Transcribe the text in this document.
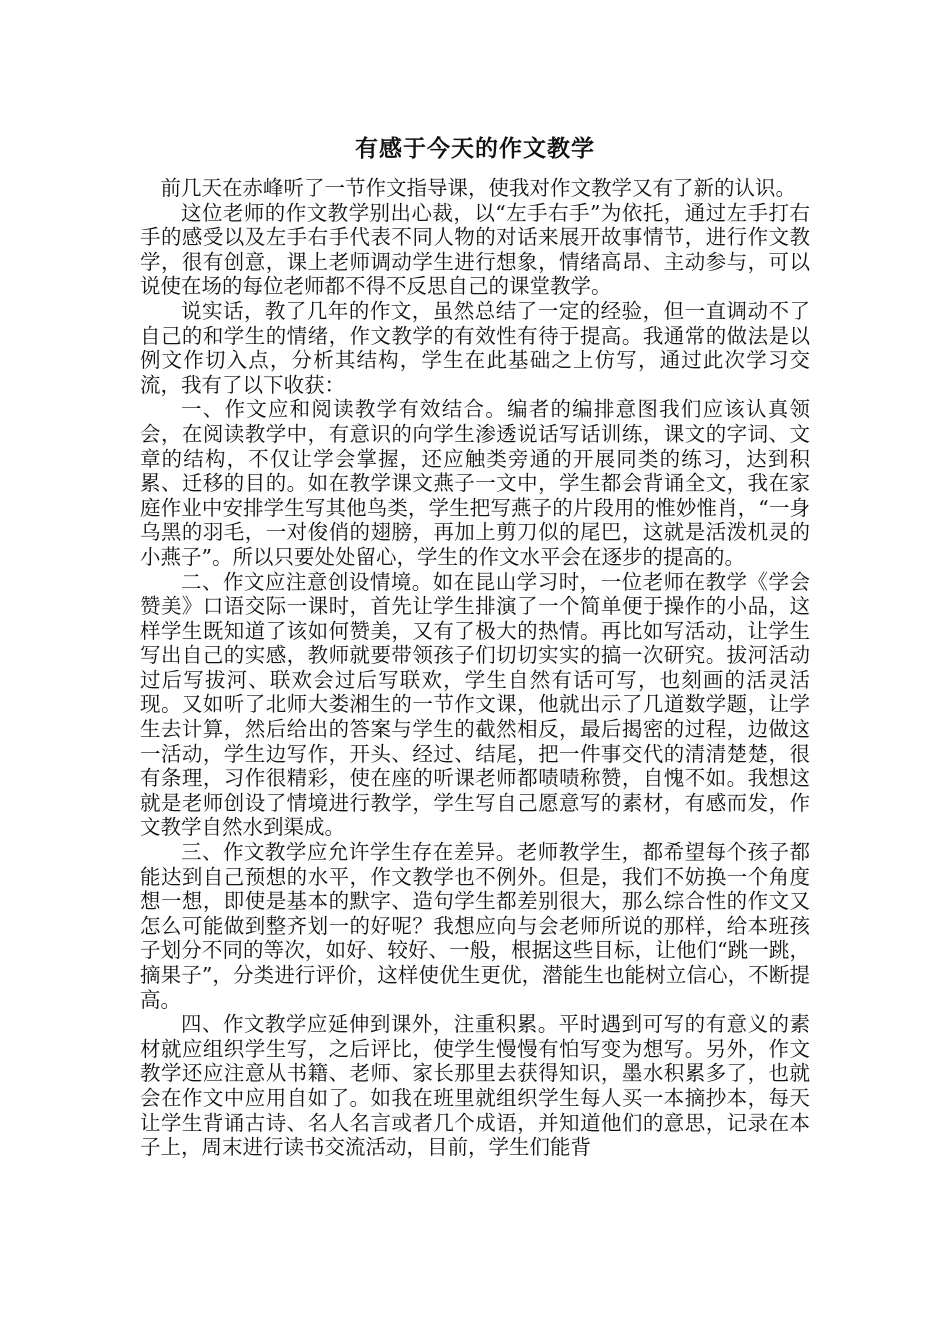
有感于今天的作文教学

前几天在赤峰听了一节作文指导课，使我对作文教学又有了新的认识。

这位老师的作文教学别出心裁，以“左手右手”为依托，通过左手打右手的感受以及左手右手代表不同人物的对话来展开故事情节，进行作文教学，很有创意，课上老师调动学生进行想象，情绪高昂、主动参与，可以说使在场的每位老师都不得不反思自己的课堂教学。

说实话，教了几年的作文，虽然总结了一定的经验，但一直调动不了自己的和学生的情绪，作文教学的有效性有待于提高。我通常的做法是以例文作切入点，分析其结构，学生在此基础之上仿写，通过此次学习交流，我有了以下收获：

一、作文应和阅读教学有效结合。编者的编排意图我们应该认真领会，在阅读教学中，有意识的向学生渗透说话写话训练，课文的字词、文章的结构，不仅让学会掌握，还应触类旁通的开展同类的练习，达到积累、迁移的目的。如在教学课文燕子一文中，学生都会背诵全文，我在家庭作业中安排学生写其他鸟类，学生把写燕子的片段用的惟妙惟肖，“一身乌黑的羽毛，一对俊俏的翅膀，再加上剪刀似的尾巴，这就是活泼机灵的小燕子”。所以只要处处留心，学生的作文水平会在逐步的提高的。

二、作文应注意创设情境。如在昆山学习时，一位老师在教学《学会赞美》口语交际一课时，首先让学生排演了一个简单便于操作的小品，这样学生既知道了该如何赞美，又有了极大的热情。再比如写活动，让学生写出自己的实感，教师就要带领孩子们切切实实的搞一次研究。拔河活动过后写拔河、联欢会过后写联欢，学生自然有话可写，也刻画的活灵活现。又如听了北师大娄湘生的一节作文课，他就出示了几道数学题，让学生去计算，然后给出的答案与学生的截然相反，最后揭密的过程，边做这一活动，学生边写作，开头、经过、结尾，把一件事交代的清清楚楚，很有条理，习作很精彩，使在座的听课老师都啧啧称赞，自愧不如。我想这就是老师创设了情境进行教学，学生写自己愿意写的素材，有感而发，作文教学自然水到渠成。

三、作文教学应允许学生存在差异。老师教学生，都希望每个孩子都能达到自己预想的水平，作文教学也不例外。但是，我们不妨换一个角度想一想，即使是基本的默字、造句学生都差别很大，那么综合性的作文又怎么可能做到整齐划一的好呢？我想应向与会老师所说的那样，给本班孩子划分不同的等次，如好、较好、一般，根据这些目标，让他们“跳一跳，摘果子”，分类进行评价，这样使优生更优，潜能生也能树立信心，不断提高。

四、作文教学应延伸到课外，注重积累。平时遇到可写的有意义的素材就应组织学生写，之后评比，使学生慢慢有怕写变为想写。另外，作文教学还应注意从书籍、老师、家长那里去获得知识，墨水积累多了，也就会在作文中应用自如了。如我在班里就组织学生每人买一本摘抄本，每天让学生背诵古诗、名人名言或者几个成语，并知道他们的意思，记录在本子上，周末进行读书交流活动，目前，学生们能背
